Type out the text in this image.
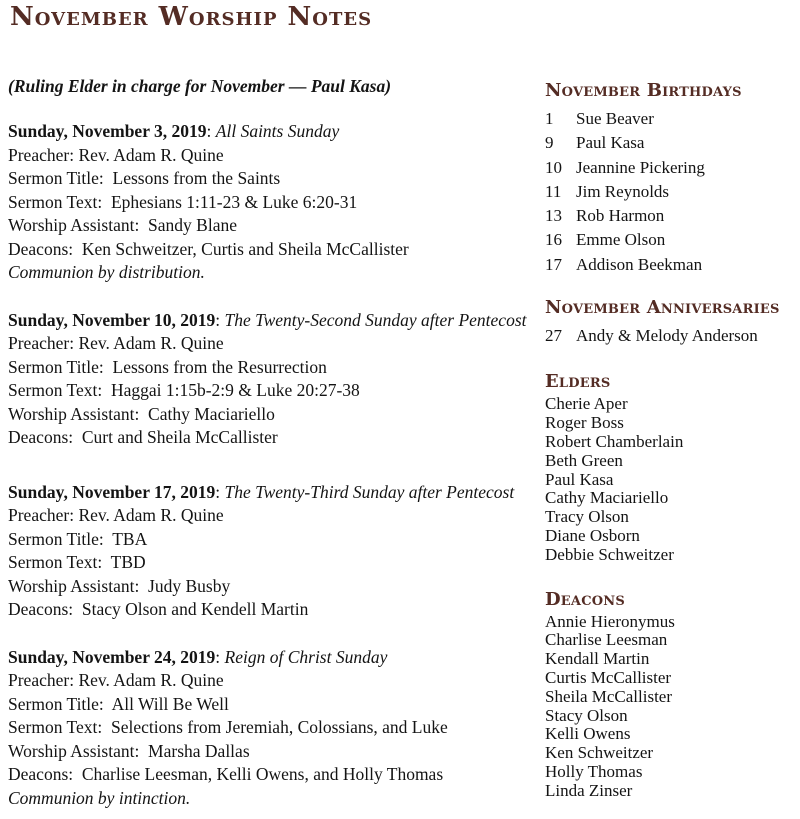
November Worship Notes

(Ruling Elder in charge for November — Paul Kasa)

Sunday, November 3, 2019: All Saints Sunday

Preacher: Rev. Adam R. Quine

Sermon Title:  Lessons from the Saints

Sermon Text:  Ephesians 1:11-23 & Luke 6:20-31

Worship Assistant:  Sandy Blane

Deacons:  Ken Schweitzer, Curtis and Sheila McCallister

Communion by distribution.

Sunday, November 10, 2019: The Twenty-Second Sunday after Pentecost

Preacher: Rev. Adam R. Quine

Sermon Title:  Lessons from the Resurrection

Sermon Text:  Haggai 1:15b-2:9 & Luke 20:27-38

Worship Assistant:  Cathy Maciariello

Deacons:  Curt and Sheila McCallister

Sunday, November 17, 2019: The Twenty-Third Sunday after Pentecost

Preacher: Rev. Adam R. Quine

Sermon Title:  TBA

Sermon Text:  TBD

Worship Assistant:  Judy Busby

Deacons:  Stacy Olson and Kendell Martin

Sunday, November 24, 2019: Reign of Christ Sunday

Preacher: Rev. Adam R. Quine

Sermon Title:  All Will Be Well

Sermon Text:  Selections from Jeremiah, Colossians, and Luke

Worship Assistant:  Marsha Dallas

Deacons:  Charlise Leesman, Kelli Owens, and Holly Thomas

Communion by intinction.

November Birthdays
1	Sue Beaver
9	Paul Kasa
10 Jeannine Pickering
11 Jim Reynolds
13 Rob Harmon
16 Emme Olson
17 Addison Beekman
November Anniversaries
27 Andy & Melody Anderson
Elders

Cherie Aper

Roger Boss

Robert Chamberlain

Beth Green

Paul Kasa

Cathy Maciariello

Tracy Olson

Diane Osborn

Debbie Schweitzer

Deacons

Annie Hieronymus

Charlise Leesman

Kendall Martin

Curtis McCallister

Sheila McCallister

Stacy Olson

Kelli Owens

Ken Schweitzer

Holly Thomas

Linda Zinser
